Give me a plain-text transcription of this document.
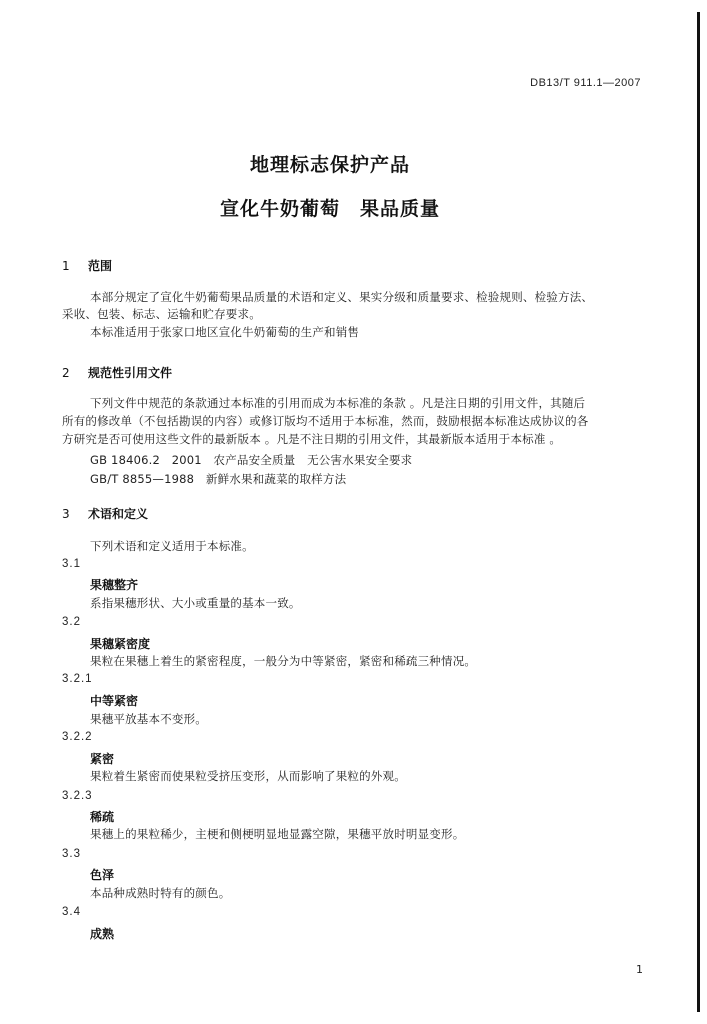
DB13/T 911.1—2007
地理标志保护产品
宣化牛奶葡萄　果品质量
1 范围
本部分规定了宣化牛奶葡萄果品质量的术语和定义、果实分级和质量要求、检验规则、检验方法、
采收、包装、标志、运输和贮存要求。
本标准适用于张家口地区宣化牛奶葡萄的生产和销售
2 规范性引用文件
下列文件中规范的条款通过本标准的引用而成为本标准的条款 。凡是注日期的引用文件，其随后
所有的修改单（不包括勘误的内容）或修订版均不适用于本标准，然而，鼓励根据本标准达成协议的各
方研究是否可使用这些文件的最新版本 。凡是不注日期的引用文件，其最新版本适用于本标准 。
GB 18406.2　2001　农产品安全质量　无公害水果安全要求
GB/T 8855—1988　新鲜水果和蔬菜的取样方法
3 术语和定义
下列术语和定义适用于本标准。
3.1
果穗整齐
系指果穗形状、大小或重量的基本一致。
3.2
果穗紧密度
果粒在果穗上着生的紧密程度，一般分为中等紧密，紧密和稀疏三种情况。
3.2.1
中等紧密
果穗平放基本不变形。
3.2.2
紧密
果粒着生紧密而使果粒受挤压变形，从而影响了果粒的外观。
3.2.3
稀疏
果穗上的果粒稀少，主梗和侧梗明显地显露空隙，果穗平放时明显变形。
3.3
色泽
本品种成熟时特有的颜色。
3.4
成熟
1
